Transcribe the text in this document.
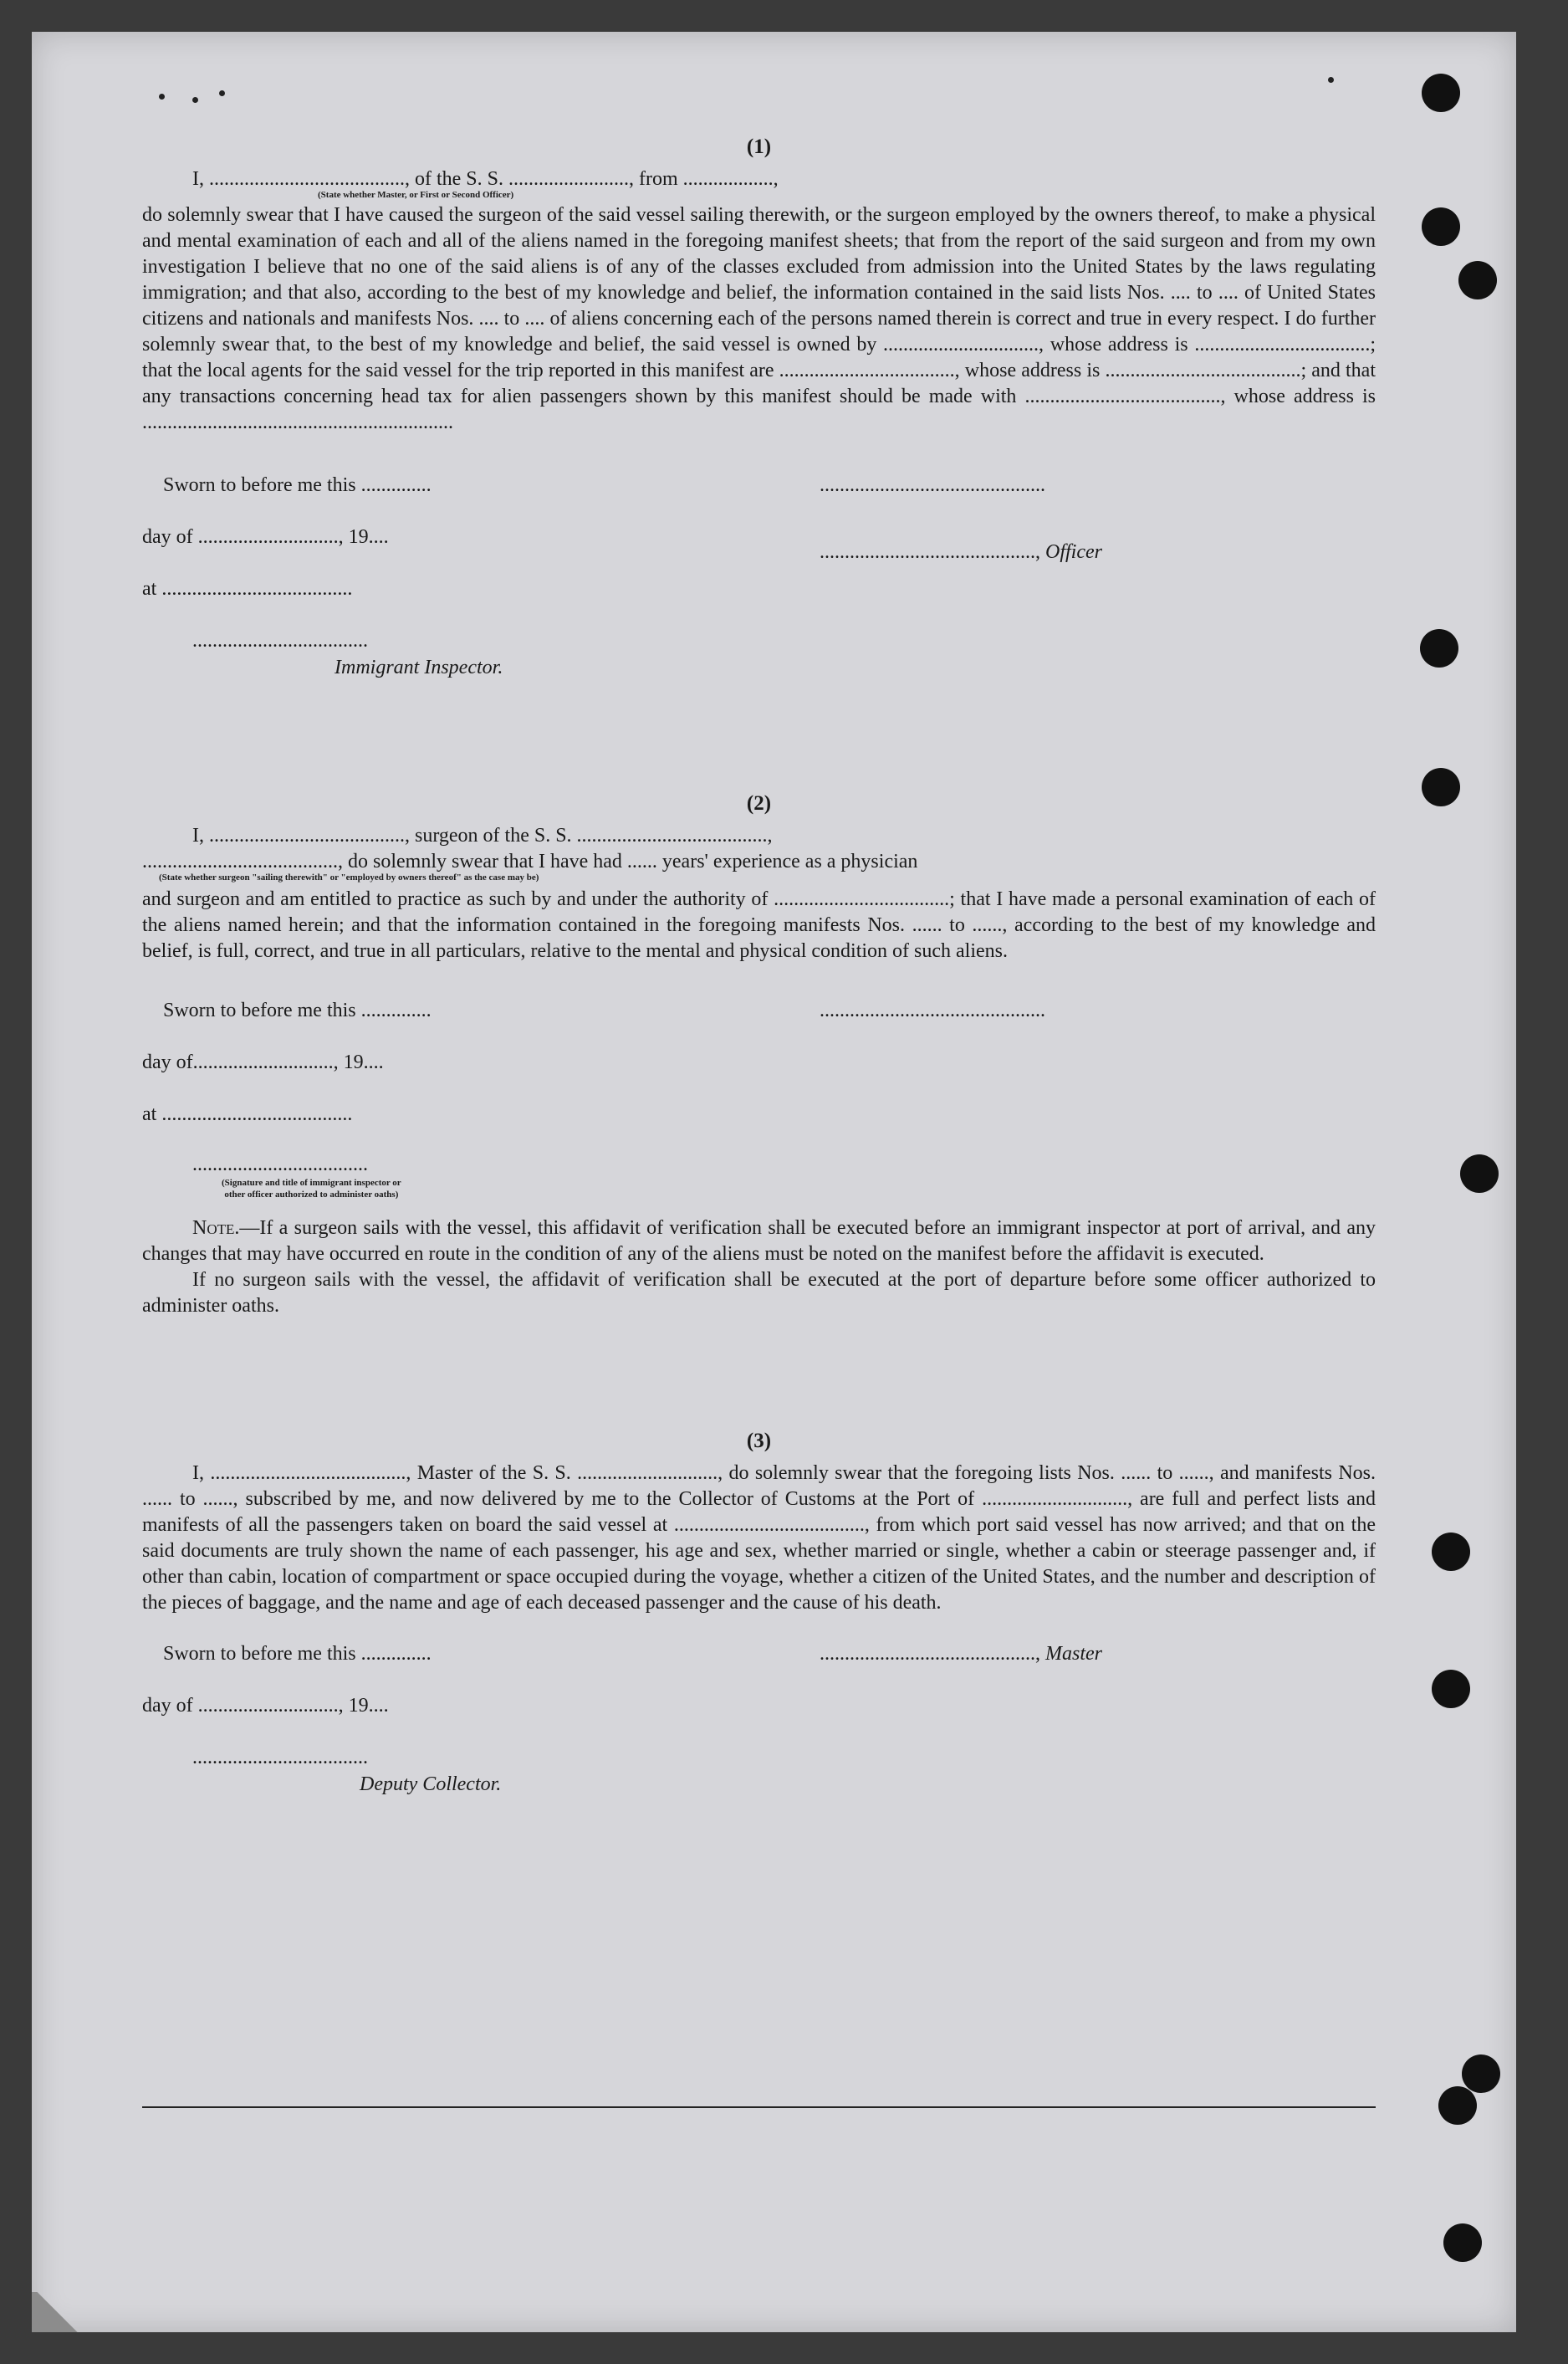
(1)
I, ......................................., of the S. S. ........................, from ..................,
(State whether Master, or First or Second Officer)

do solemnly swear that I have caused the surgeon of the said vessel sailing therewith, or the surgeon employed by the owners thereof, to make a physical and mental examination of each and all of the aliens named in the foregoing manifest sheets; that from the report of the said surgeon and from my own investigation I believe that no one of the said aliens is of any of the classes excluded from admission into the United States by the laws regulating immigration; and that also, according to the best of my knowledge and belief, the information contained in the said lists Nos. .... to .... of United States citizens and nationals and manifests Nos. .... to .... of aliens concerning each of the persons named therein is correct and true in every respect. I do further solemnly swear that, to the best of my knowledge and belief, the said vessel is owned by ..............................., whose address is ...................................; that the local agents for the said vessel for the trip reported in this manifest are ..................................., whose address is .......................................; and that any transactions concerning head tax for alien passengers shown by this manifest should be made with ......................................., whose address is ..............................................................

Sworn to before me this ..............
day of ............................, 19....
at ......................................
...................................
Immigrant Inspector.
.............................................
..........................................., Officer
(2)
I, ......................................., surgeon of the S. S. ......................................,
......................................., do solemnly swear that I have had ...... years' experience as a physician
(State whether surgeon "sailing therewith" or "employed by owners thereof" as the case may be)

and surgeon and am entitled to practice as such by and under the authority of ...................................; that I have made a personal examination of each of the aliens named herein; and that the information contained in the foregoing manifests Nos. ...... to ......, according to the best of my knowledge and belief, is full, correct, and true in all particulars, relative to the mental and physical condition of such aliens.

Sworn to before me this ..............
day of............................, 19....
at ......................................
...................................
(Signature and title of immigrant inspector or
other officer authorized to administer oaths)
.............................................

Note.—If a surgeon sails with the vessel, this affidavit of verification shall be executed before an immigrant inspector at port of arrival, and any changes that may have occurred en route in the condition of any of the aliens must be noted on the manifest before the affidavit is executed.

If no surgeon sails with the vessel, the affidavit of verification shall be executed at the port of departure before some officer authorized to administer oaths.

(3)

I, ......................................., Master of the S. S. ............................, do solemnly swear that the foregoing lists Nos. ...... to ......, and manifests Nos. ...... to ......, subscribed by me, and now delivered by me to the Collector of Customs at the Port of ............................., are full and perfect lists and manifests of all the passengers taken on board the said vessel at ......................................, from which port said vessel has now arrived; and that on the said documents are truly shown the name of each passenger, his age and sex, whether married or single, whether a cabin or steerage passenger and, if other than cabin, location of compartment or space occupied during the voyage, whether a citizen of the United States, and the number and description of the pieces of baggage, and the name and age of each deceased passenger and the cause of his death.

Sworn to before me this ..............
day of ............................, 19....
...................................
Deputy Collector.
..........................................., Master
